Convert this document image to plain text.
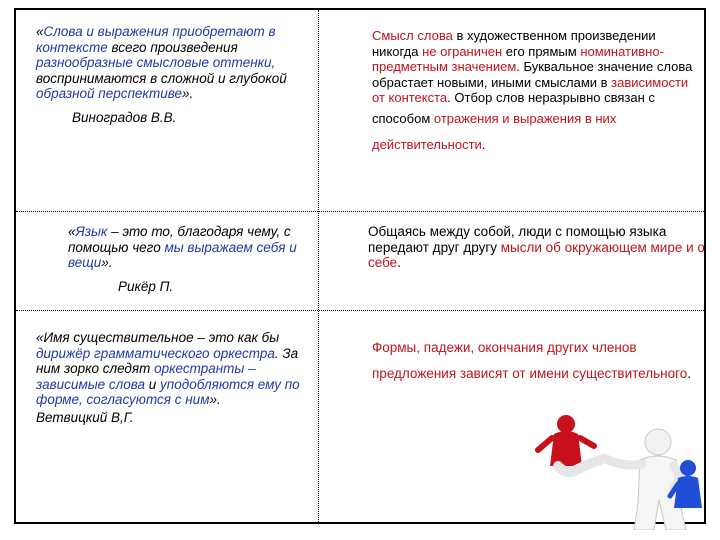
«Слова и выражения приобретают в контексте всего произведения разнообразные смысловые оттенки, воспринимаются в сложной и глубокой образной перспективе».
Виноградов В.В.
Смысл слова в художественном произведении никогда не ограничен его прямым номинативно-предметным значением. Буквальное значение слова обрастает новыми, иными смыслами в зависимости от контекста. Отбор слов неразрывно связан с способом отражения и выражения в них действительности.
«Язык – это то, благодаря чему, с помощью чего мы выражаем себя и вещи».
Рикёр П.
Общаясь между собой, люди с помощью языка передают друг другу мысли об окружающем мире и о себе.
«Имя существительное – это как бы дирижёр грамматического оркестра. За ним зорко следят оркестранты – зависимые слова и уподобляются ему по форме, согласуются с ним».
Ветвицкий В,Г.
Формы, падежи, окончания других членов предложения зависят от имени существительного.
